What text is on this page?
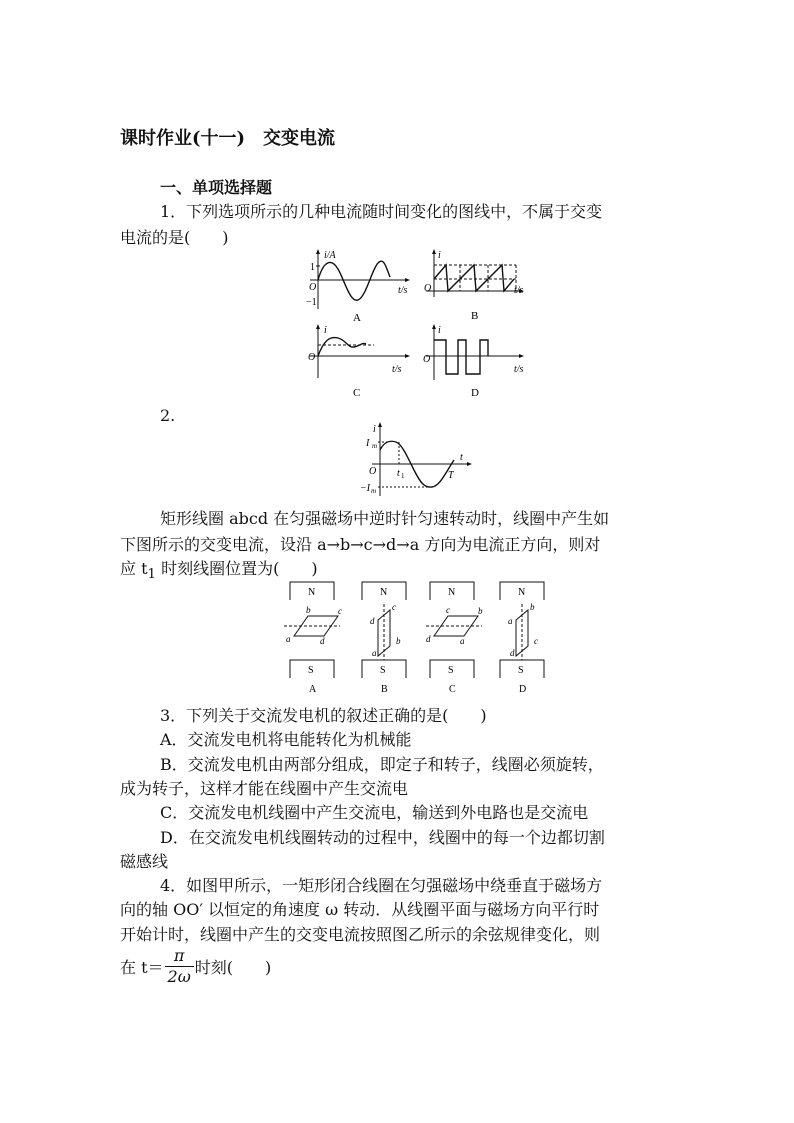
课时作业(十一)　交变电流
一、单项选择题
1．下列选项所示的几种电流随时间变化的图线中，不属于交变
电流的是(　　)
i/A
1
−1
O	t/s
A
i
O	t/s
B
i
O
t/s
C
i
O
t/s
D
2.
i
I m
−I m
O t 1	T
t
矩形线圈 abcd 在匀强磁场中逆时针匀速转动时，线圈中产生如
下图所示的交变电流，设沿 a→b→c→d→a 方向为电流正方向，则对
应 $t_1$ 时刻线圈位置为(　　)
N
S
b	c
a	d
A
N
S
c
d
b
a
B
N
S
c	b
d	a
C
N
S
b
a
c
d
D
3．下列关于交流发电机的叙述正确的是(　　)
A．交流发电机将电能转化为机械能
B．交流发电机由两部分组成，即定子和转子，线圈必须旋转，
成为转子，这样才能在线圈中产生交流电
C．交流发电机线圈中产生交流电，输送到外电路也是交流电
D．在交流发电机线圈转动的过程中，线圈中的每一个边都切割
磁感线
4．如图甲所示，一矩形闭合线圈在匀强磁场中绕垂直于磁场方
向的轴 OO′ 以恒定的角速度 ω 转动．从线圈平面与磁场方向平行时
开始计时，线圈中产生的交变电流按照图乙所示的余弦规律变化，则
在 $t= \frac{\pi}{2\omega}$ 时刻(　　)
